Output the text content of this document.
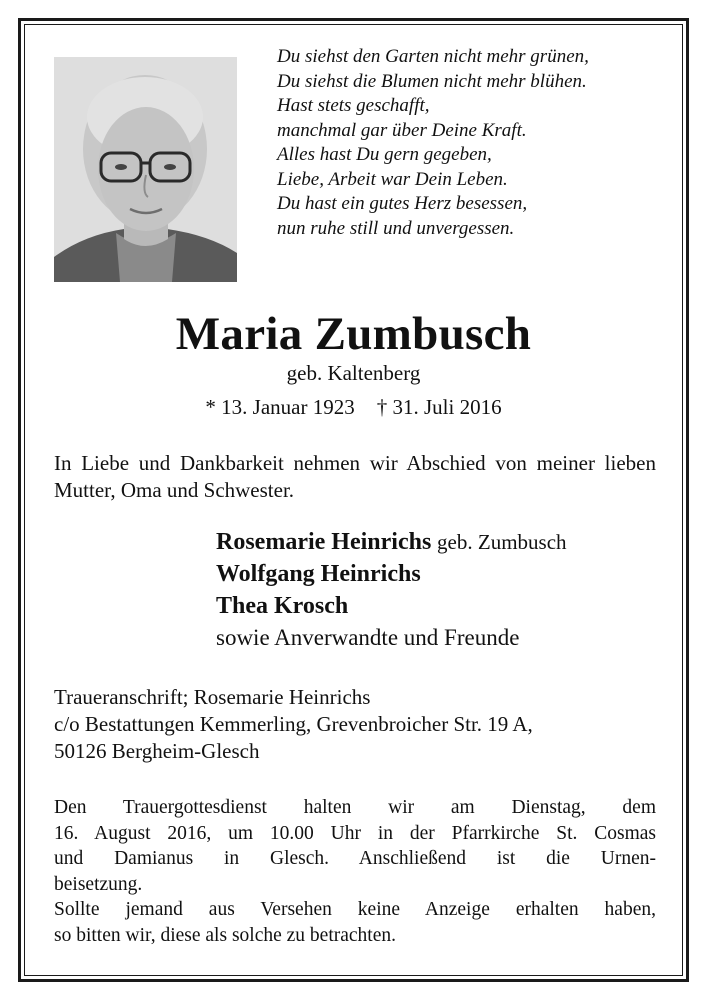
Du siehst den Garten nicht mehr grünen,
Du siehst die Blumen nicht mehr blühen.
Hast stets geschafft,
manchmal gar über Deine Kraft.
Alles hast Du gern gegeben,
Liebe, Arbeit war Dein Leben.
Du hast ein gutes Herz besessen,
nun ruhe still und unvergessen.
Maria Zumbusch
geb. Kaltenberg
* 13. Januar 1923 † 31. Juli 2016
In Liebe und Dankbarkeit nehmen wir Abschied von meiner lieben Mutter, Oma und Schwester.
Rosemarie Heinrichs geb. Zumbusch
Wolfgang Heinrichs
Thea Krosch
sowie Anverwandte und Freunde
Traueranschrift; Rosemarie Heinrichs
c/o Bestattungen Kemmerling, Grevenbroicher Str. 19 A,
50126 Bergheim-Glesch
Den Trauergottesdienst halten wir am Dienstag, dem
16. August 2016, um 10.00 Uhr in der Pfarrkirche St. Cosmas
und Damianus in Glesch. Anschließend ist die Urnen-
beisetzung.
Sollte jemand aus Versehen keine Anzeige erhalten haben,
so bitten wir, diese als solche zu betrachten.
